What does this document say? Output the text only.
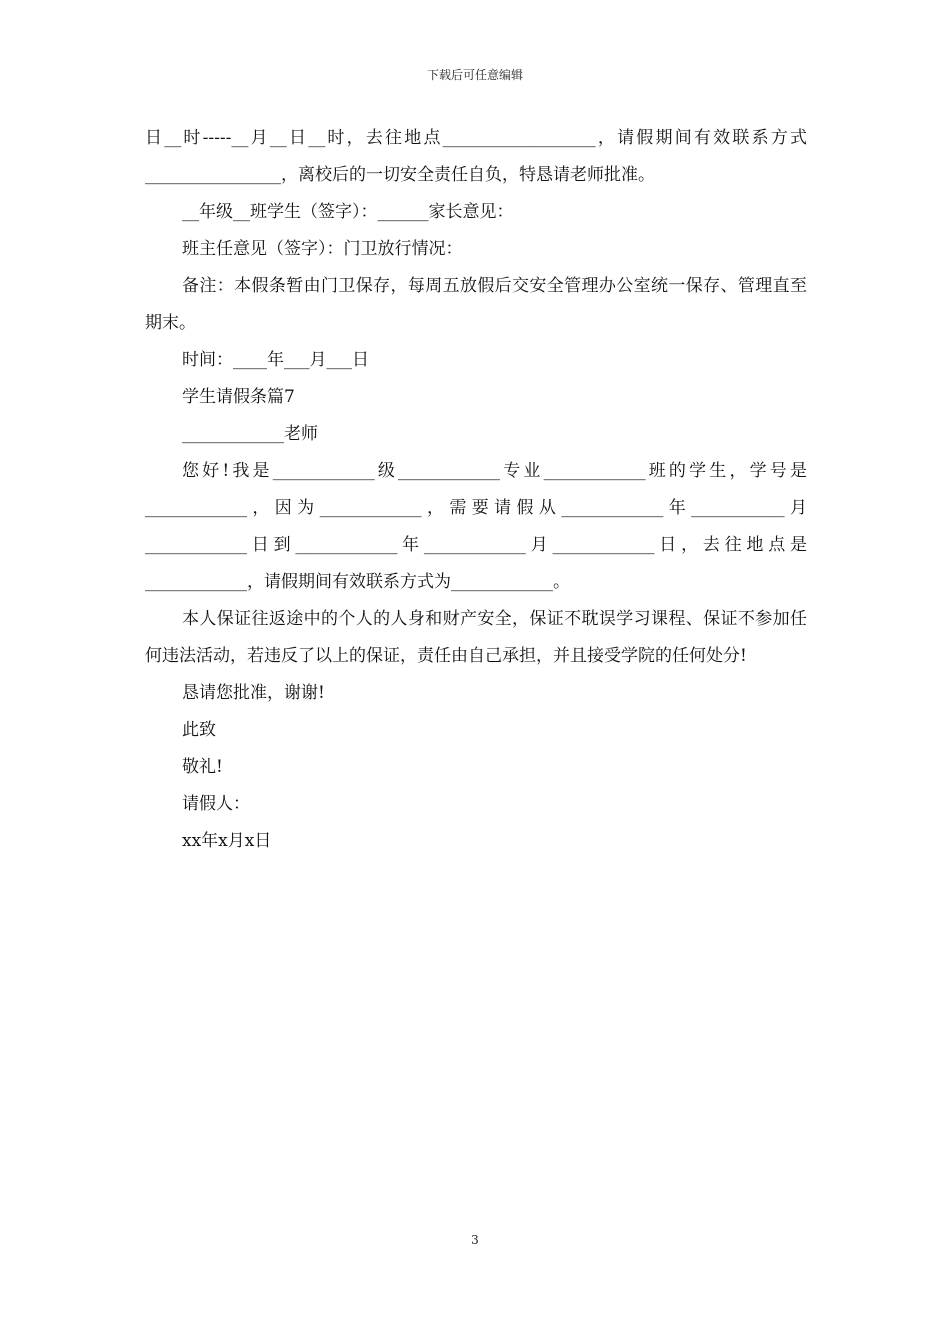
下载后可任意编辑

日__时-----__月__日__时，去往地点__________________，请假期间有效联系方式________________，离校后的一切安全责任自负，特恳请老师批准。

__年级__班学生（签字）：______家长意见：

班主任意见（签字）：门卫放行情况：

备注：本假条暂由门卫保存，每周五放假后交安全管理办公室统一保存、管理直至期末。

时间：____年___月___日

学生请假条篇7

____________老师

您好!我是____________级____________专业____________班的学生，学号是____________，因为____________，需要请假从____________年___________月____________日到____________年____________月____________日，去往地点是____________，请假期间有效联系方式为____________。

本人保证往返途中的个人的人身和财产安全，保证不耽误学习课程、保证不参加任何违法活动，若违反了以上的保证，责任由自己承担，并且接受学院的任何处分!

恳请您批准，谢谢!

此致

敬礼!

请假人：

xx年x月x日

3
